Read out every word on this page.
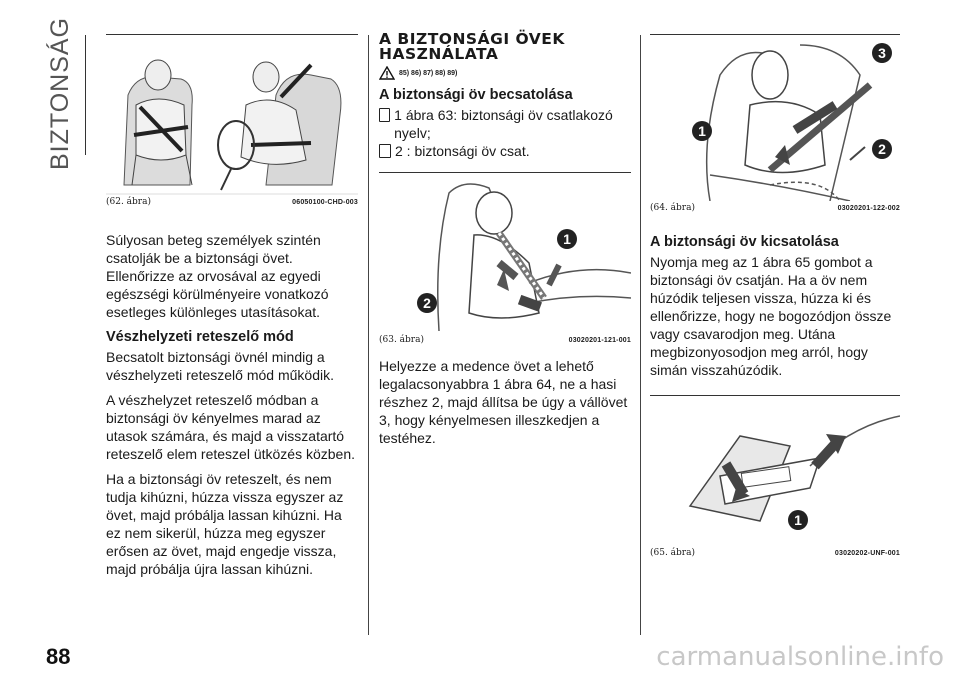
BIZTONSÁG
88
(62. ábra)	06050100-CHD-003

Súlyosan beteg személyek szintén csatolják be a biztonsági övet. Ellenőrizze az orvosával az egyedi egészségi körülményeire vonatkozó esetleges különleges utasításokat.

Vészhelyzeti reteszelő mód

Becsatolt biztonsági övnél mindig a vészhelyzeti reteszelő mód működik.

A vészhelyzet reteszelő módban a biztonsági öv kényelmes marad az utasok számára, és majd a visszatartó reteszelő elem reteszel ütközés közben.

Ha a biztonsági öv reteszelt, és nem tudja kihúzni, húzza vissza egyszer az övet, majd próbálja lassan kihúzni. Ha ez nem sikerül, húzza meg egyszer erősen az övet, majd engedje vissza, majd próbálja újra lassan kihúzni.

A BIZTONSÁGI ÖVEK HASZNÁLATA
85) 86) 87) 88) 89)
A biztonsági öv becsatolása

1 ábra 63: biztonsági öv csatlakozó nyelv;

2 : biztonsági öv csat.

1
2
(63. ábra)	03020201-121-001

Helyezze a medence övet a lehető legalacsonyabbra 1 ábra 64, ne a hasi részhez 2, majd állítsa be úgy a vállövet 3, hogy kényelmesen illeszkedjen a testéhez.

3
1
2
(64. ábra)	03020201-122-002
A biztonsági öv kicsatolása

Nyomja meg az 1 ábra 65 gombot a biztonsági öv csatján. Ha a öv nem húzódik teljesen vissza, húzza ki és ellenőrizze, hogy ne bogozódjon össze vagy csavarodjon meg. Utána megbizonyosodjon meg arról, hogy simán visszahúzódik.

1
(65. ábra)	03020202-UNF-001
carmanualsonline.info
